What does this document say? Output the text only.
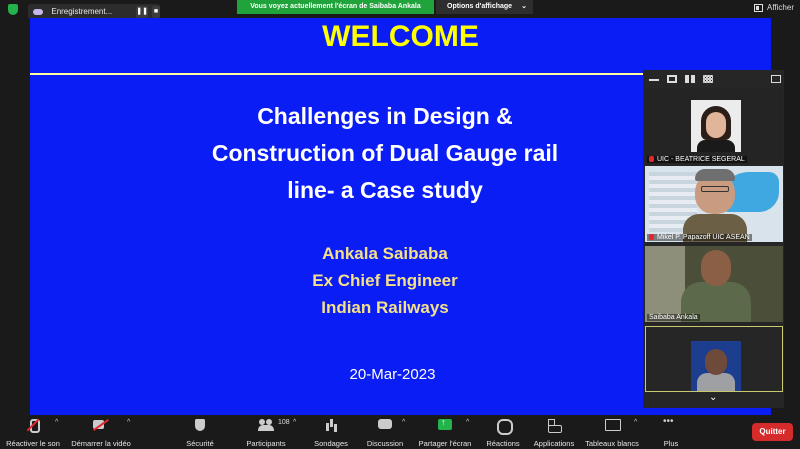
Enregistrement...	❚❚ ■
Vous voyez actuellement l'écran de Saibaba Ankala	Options d'affichage ⌄	Afficher
WELCOME
Challenges in Design &
Construction of Dual Gauge rail
line- a Case study
Ankala Saibaba
Ex Chief Engineer
Indian Railways
20-Mar-2023
UIC - BEATRICE SEGERAL
Mikel P. Papazoff UIC ASEAN
Saibaba Ankala
⌄
Réactiver le son
^
Démarrer la vidéo
^
Sécurité
108
Participants
^
Sondages	Discussion
^
↑
Partager l'écran
^
Réactions	Applications	Tableaux blancs
^
•••
Plus
Quitter
